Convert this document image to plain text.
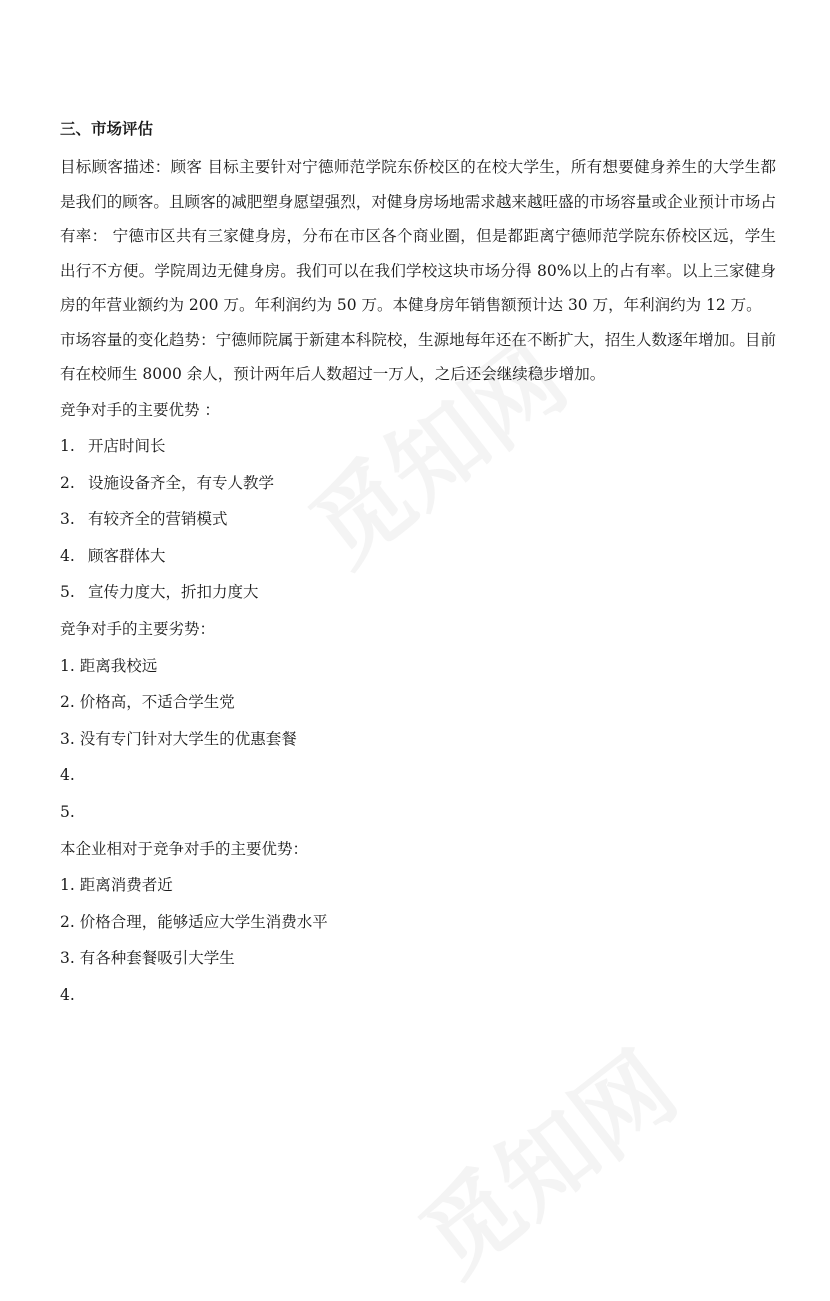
三、市场评估

目标顾客描述：顾客 目标主要针对宁德师范学院东侨校区的在校大学生，所有想要健身养生的大学生都是我们的顾客。且顾客的减肥塑身愿望强烈，对健身房场地需求越来越旺盛的市场容量或企业预计市场占有率： 宁德市区共有三家健身房，分布在市区各个商业圈，但是都距离宁德师范学院东侨校区远，学生出行不方便。学院周边无健身房。我们可以在我们学校这块市场分得 80%以上的占有率。以上三家健身房的年营业额约为 200 万。年利润约为 50 万。本健身房年销售额预计达 30 万，年利润约为 12 万。

市场容量的变化趋势：宁德师院属于新建本科院校，生源地每年还在不断扩大，招生人数逐年增加。目前有在校师生 8000 余人，预计两年后人数超过一万人，之后还会继续稳步增加。

竞争对手的主要优势 ：
1. 开店时间长
2. 设施设备齐全，有专人教学
3. 有较齐全的营销模式
4. 顾客群体大
5. 宣传力度大，折扣力度大
竞争对手的主要劣势：
1. 距离我校远
2. 价格高，不适合学生党
3. 没有专门针对大学生的优惠套餐
4.
5.
本企业相对于竞争对手的主要优势：
1. 距离消费者近
2. 价格合理，能够适应大学生消费水平
3. 有各种套餐吸引大学生
4.
